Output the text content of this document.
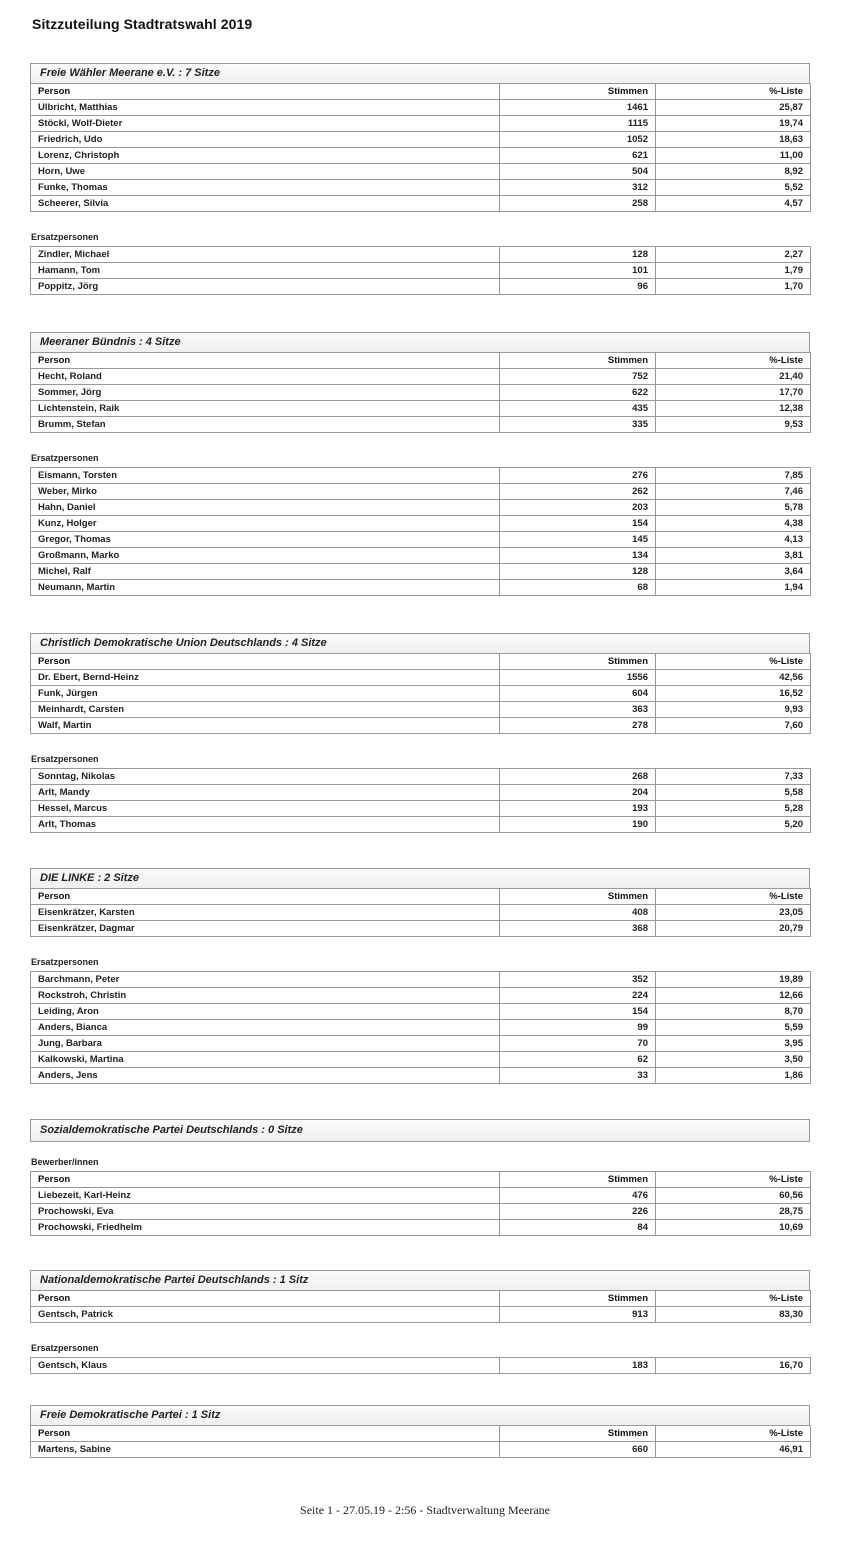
Sitzzuteilung Stadtratswahl 2019
Freie Wähler Meerane e.V. : 7 Sitze
Person	Stimmen	%-Liste
Ulbricht, Matthias	1461	25,87
Stöckl, Wolf-Dieter	1115	19,74
Friedrich, Udo	1052	18,63
Lorenz, Christoph	621	11,00
Horn, Uwe	504	8,92
Funke, Thomas	312	5,52
Scheerer, Silvia	258	4,57
Ersatzpersonen
Zindler, Michael	128	2,27
Hamann, Tom	101	1,79
Poppitz, Jörg	96	1,70
Meeraner Bündnis : 4 Sitze
Person	Stimmen	%-Liste
Hecht, Roland	752	21,40
Sommer, Jörg	622	17,70
Lichtenstein, Raik	435	12,38
Brumm, Stefan	335	9,53
Ersatzpersonen
Eismann, Torsten	276	7,85
Weber, Mirko	262	7,46
Hahn, Daniel	203	5,78
Kunz, Holger	154	4,38
Gregor, Thomas	145	4,13
Großmann, Marko	134	3,81
Michel, Ralf	128	3,64
Neumann, Martin	68	1,94
Christlich Demokratische Union Deutschlands : 4 Sitze
Person	Stimmen	%-Liste
Dr. Ebert, Bernd-Heinz	1556	42,56
Funk, Jürgen	604	16,52
Meinhardt, Carsten	363	9,93
Walf, Martin	278	7,60
Ersatzpersonen
Sonntag, Nikolas	268	7,33
Arlt, Mandy	204	5,58
Hessel, Marcus	193	5,28
Arlt, Thomas	190	5,20
DIE LINKE : 2 Sitze
Person	Stimmen	%-Liste
Eisenkrätzer, Karsten	408	23,05
Eisenkrätzer, Dagmar	368	20,79
Ersatzpersonen
Barchmann, Peter	352	19,89
Rockstroh, Christin	224	12,66
Leiding, Aron	154	8,70
Anders, Bianca	99	5,59
Jung, Barbara	70	3,95
Kalkowski, Martina	62	3,50
Anders, Jens	33	1,86
Sozialdemokratische Partei Deutschlands : 0 Sitze
Bewerber/innen
Person	Stimmen	%-Liste
Liebezeit, Karl-Heinz	476	60,56
Prochowski, Eva	226	28,75
Prochowski, Friedhelm	84	10,69
Nationaldemokratische Partei Deutschlands : 1 Sitz
Person	Stimmen	%-Liste
Gentsch, Patrick	913	83,30
Ersatzpersonen
Gentsch, Klaus	183	16,70
Freie Demokratische Partei : 1 Sitz
Person	Stimmen	%-Liste
Martens, Sabine	660	46,91
Seite 1 - 27.05.19 - 2:56 - Stadtverwaltung Meerane
